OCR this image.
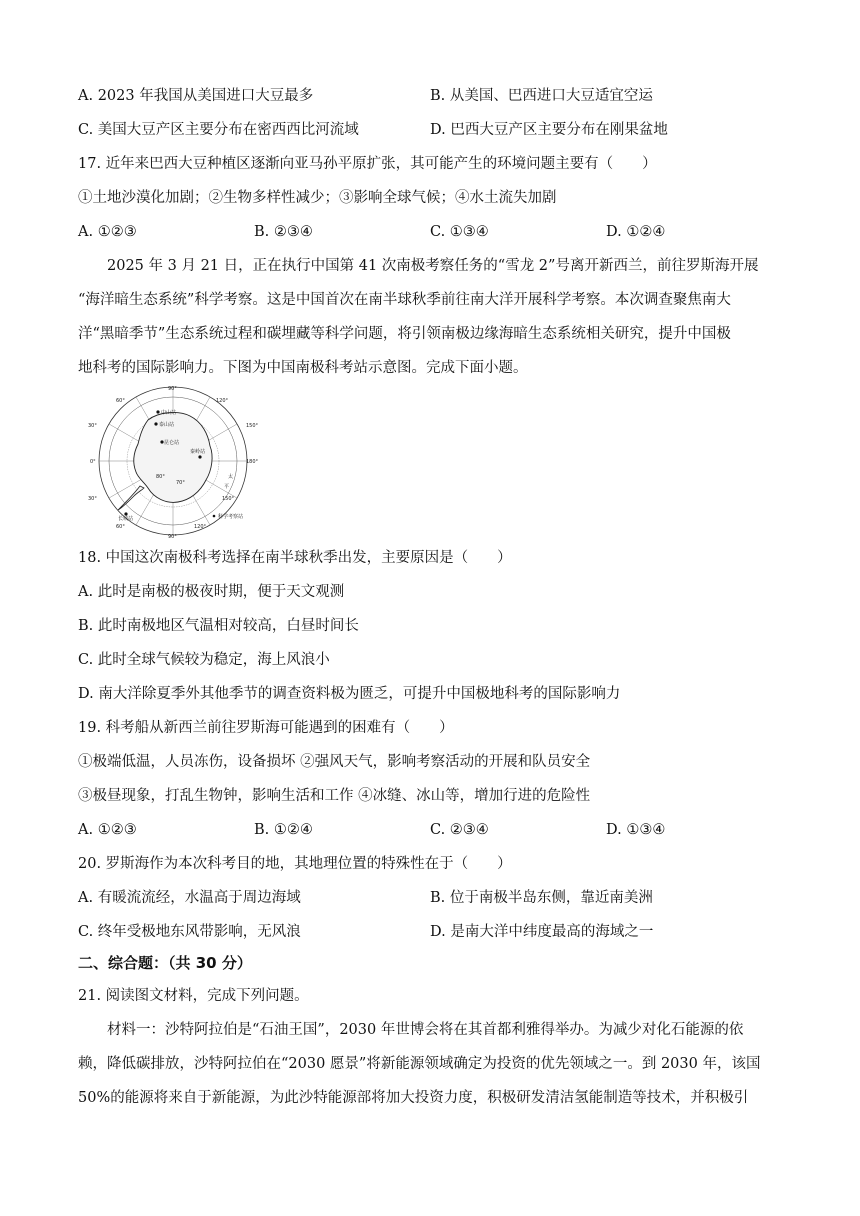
A. 2023 年我国从美国进口大豆最多	B. 从美国、巴西进口大豆适宜空运
C. 美国大豆产区主要分布在密西西比河流域	D. 巴西大豆产区主要分布在刚果盆地
17. 近年来巴西大豆种植区逐渐向亚马孙平原扩张，其可能产生的环境问题主要有（　　）
①土地沙漠化加剧；②生物多样性减少；③影响全球气候；④水土流失加剧
A. ①②③	B. ②③④	C. ①③④	D. ①②④
2025 年 3 月 21 日，正在执行中国第 41 次南极考察任务的“雪龙 2”号离开新西兰，前往罗斯海开展
“海洋暗生态系统”科学考察。这是中国首次在南半球秋季前往南大洋开展科学考察。本次调查聚焦南大
洋“黑暗季节”生态系统过程和碳埋藏等科学问题，将引领南极边缘海暗生态系统相关研究，提升中国极
地科考的国际影响力。下图为中国南极科考站示意图。完成下面小题。
90°
60°	120°
30°	150°
0°	180°
30°	150°
60°	120°
90°
70°
80°
中山站
泰山站
昆仑站
秦岭站
长城站
太
平
科学考察站
18. 中国这次南极科考选择在南半球秋季出发，主要原因是（　　）
A. 此时是南极的极夜时期，便于天文观测
B. 此时南极地区气温相对较高，白昼时间长
C. 此时全球气候较为稳定，海上风浪小
D. 南大洋除夏季外其他季节的调查资料极为匮乏，可提升中国极地科考的国际影响力
19. 科考船从新西兰前往罗斯海可能遇到的困难有（　　）
①极端低温，人员冻伤，设备损坏 ②强风天气，影响考察活动的开展和队员安全
③极昼现象，打乱生物钟，影响生活和工作 ④冰缝、冰山等，增加行进的危险性
A. ①②③	B. ①②④	C. ②③④	D. ①③④
20. 罗斯海作为本次科考目的地，其地理位置的特殊性在于（　　）
A. 有暖流流经，水温高于周边海域	B. 位于南极半岛东侧，靠近南美洲
C. 终年受极地东风带影响，无风浪	D. 是南大洋中纬度最高的海域之一
二、综合题：（共 30 分）
21. 阅读图文材料，完成下列问题。
材料一：沙特阿拉伯是“石油王国”，2030 年世博会将在其首都利雅得举办。为减少对化石能源的依
赖，降低碳排放，沙特阿拉伯在“2030 愿景”将新能源领域确定为投资的优先领域之一。到 2030 年，该国
50%的能源将来自于新能源，为此沙特能源部将加大投资力度，积极研发清洁氢能制造等技术，并积极引
